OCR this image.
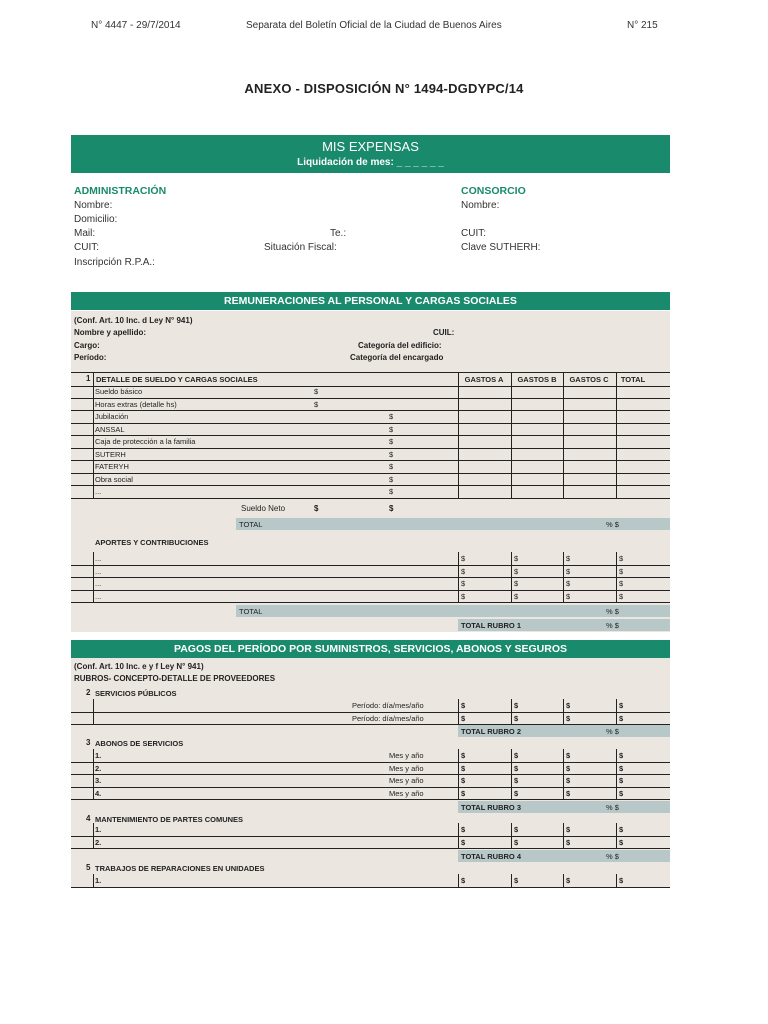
N° 4447 - 29/7/2014	Separata del Boletín Oficial de la Ciudad de Buenos Aires	N° 215
ANEXO - DISPOSICIÓN N° 1494-DGDYPC/14
MIS EXPENSAS
Liquidación de mes: _ _ _ _ _ _
ADMINISTRACIÓN
Nombre:
Domicilio:
Mail:	Te.:
CUIT:	Situación Fiscal:
Inscripción R.P.A.:
CONSORCIO
Nombre:
CUIT:
Clave SUTHERH:
REMUNERACIONES AL PERSONAL Y CARGAS SOCIALES
(Conf. Art. 10 Inc. d Ley N° 941)
Nombre y apellido:	CUIL:
Cargo:	Categoría del edificio:
Período:	Categoría del encargado
1 DETALLE DE SUELDO Y CARGAS SOCIALES	GASTOS A	GASTOS B	GASTOS C	TOTAL
Sueldo básico	$
Horas extras (detalle hs)	$
Jubilación	$
ANSSAL	$
Caja de protección a la familia	$
SUTERH	$
FATERYH	$
Obra social	$
...	$
Sueldo Neto	$	$
TOTAL	% $
APORTES Y CONTRIBUCIONES
...	$	$	$	$
...	$	$	$	$
...	$	$	$	$
...	$	$	$	$
TOTAL	% $
TOTAL RUBRO 1	% $
PAGOS DEL PERÍODO POR SUMINISTROS, SERVICIOS, ABONOS Y SEGUROS
(Conf. Art. 10 Inc. e y f Ley N° 941)
RUBROS- CONCEPTO-DETALLE DE PROVEEDORES
2 SERVICIOS PÚBLICOS
Período: día/mes/año	$	$	$	$
Período: día/mes/año	$	$	$	$
TOTAL RUBRO 2	% $
3 ABONOS DE SERVICIOS
1.	Mes y año	$	$	$	$
2.	Mes y año	$	$	$	$
3.	Mes y año	$	$	$	$
4.	Mes y año	$	$	$	$
TOTAL RUBRO 3	% $
4 MANTENIMIENTO DE PARTES COMUNES
1.	$	$	$	$
2.	$	$	$	$
TOTAL RUBRO 4	% $
5 TRABAJOS DE REPARACIONES EN UNIDADES
1.	$	$	$	$
